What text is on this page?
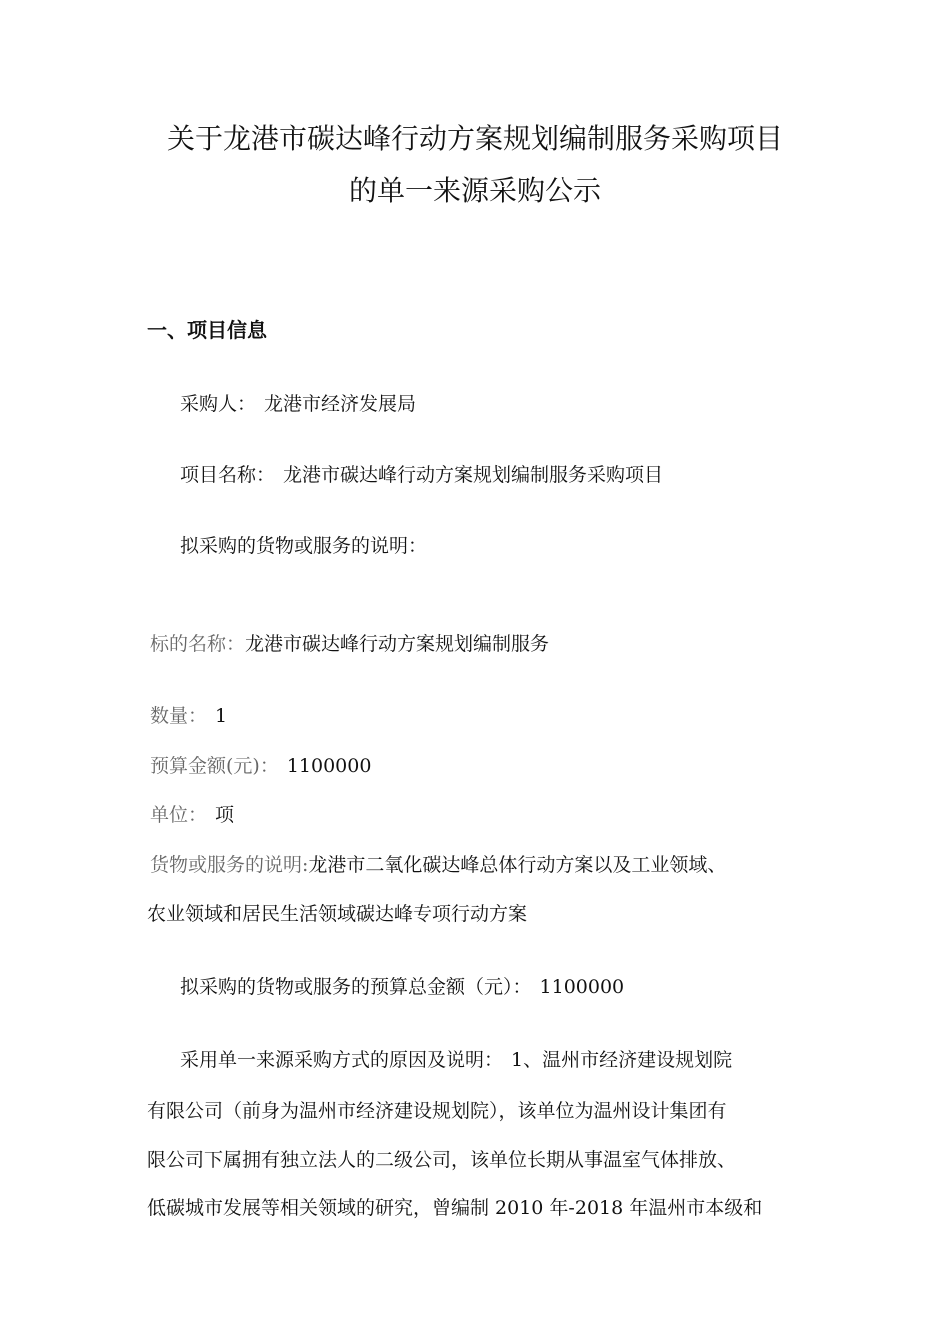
关于龙港市碳达峰行动方案规划编制服务采购项目
的单一来源采购公示
一、项目信息
采购人： 龙港市经济发展局
项目名称： 龙港市碳达峰行动方案规划编制服务采购项目
拟采购的货物或服务的说明：
标的名称：龙港市碳达峰行动方案规划编制服务
数量： 1
预算金额(元)： 1100000
单位： 项
货物或服务的说明:龙港市二氧化碳达峰总体行动方案以及工业领域、
农业领域和居民生活领域碳达峰专项行动方案
拟采购的货物或服务的预算总金额（元）： 1100000
采用单一来源采购方式的原因及说明： 1、温州市经济建设规划院
有限公司（前身为温州市经济建设规划院），该单位为温州设计集团有
限公司下属拥有独立法人的二级公司，该单位长期从事温室气体排放、
低碳城市发展等相关领域的研究，曾编制 2010 年-2018 年温州市本级和
